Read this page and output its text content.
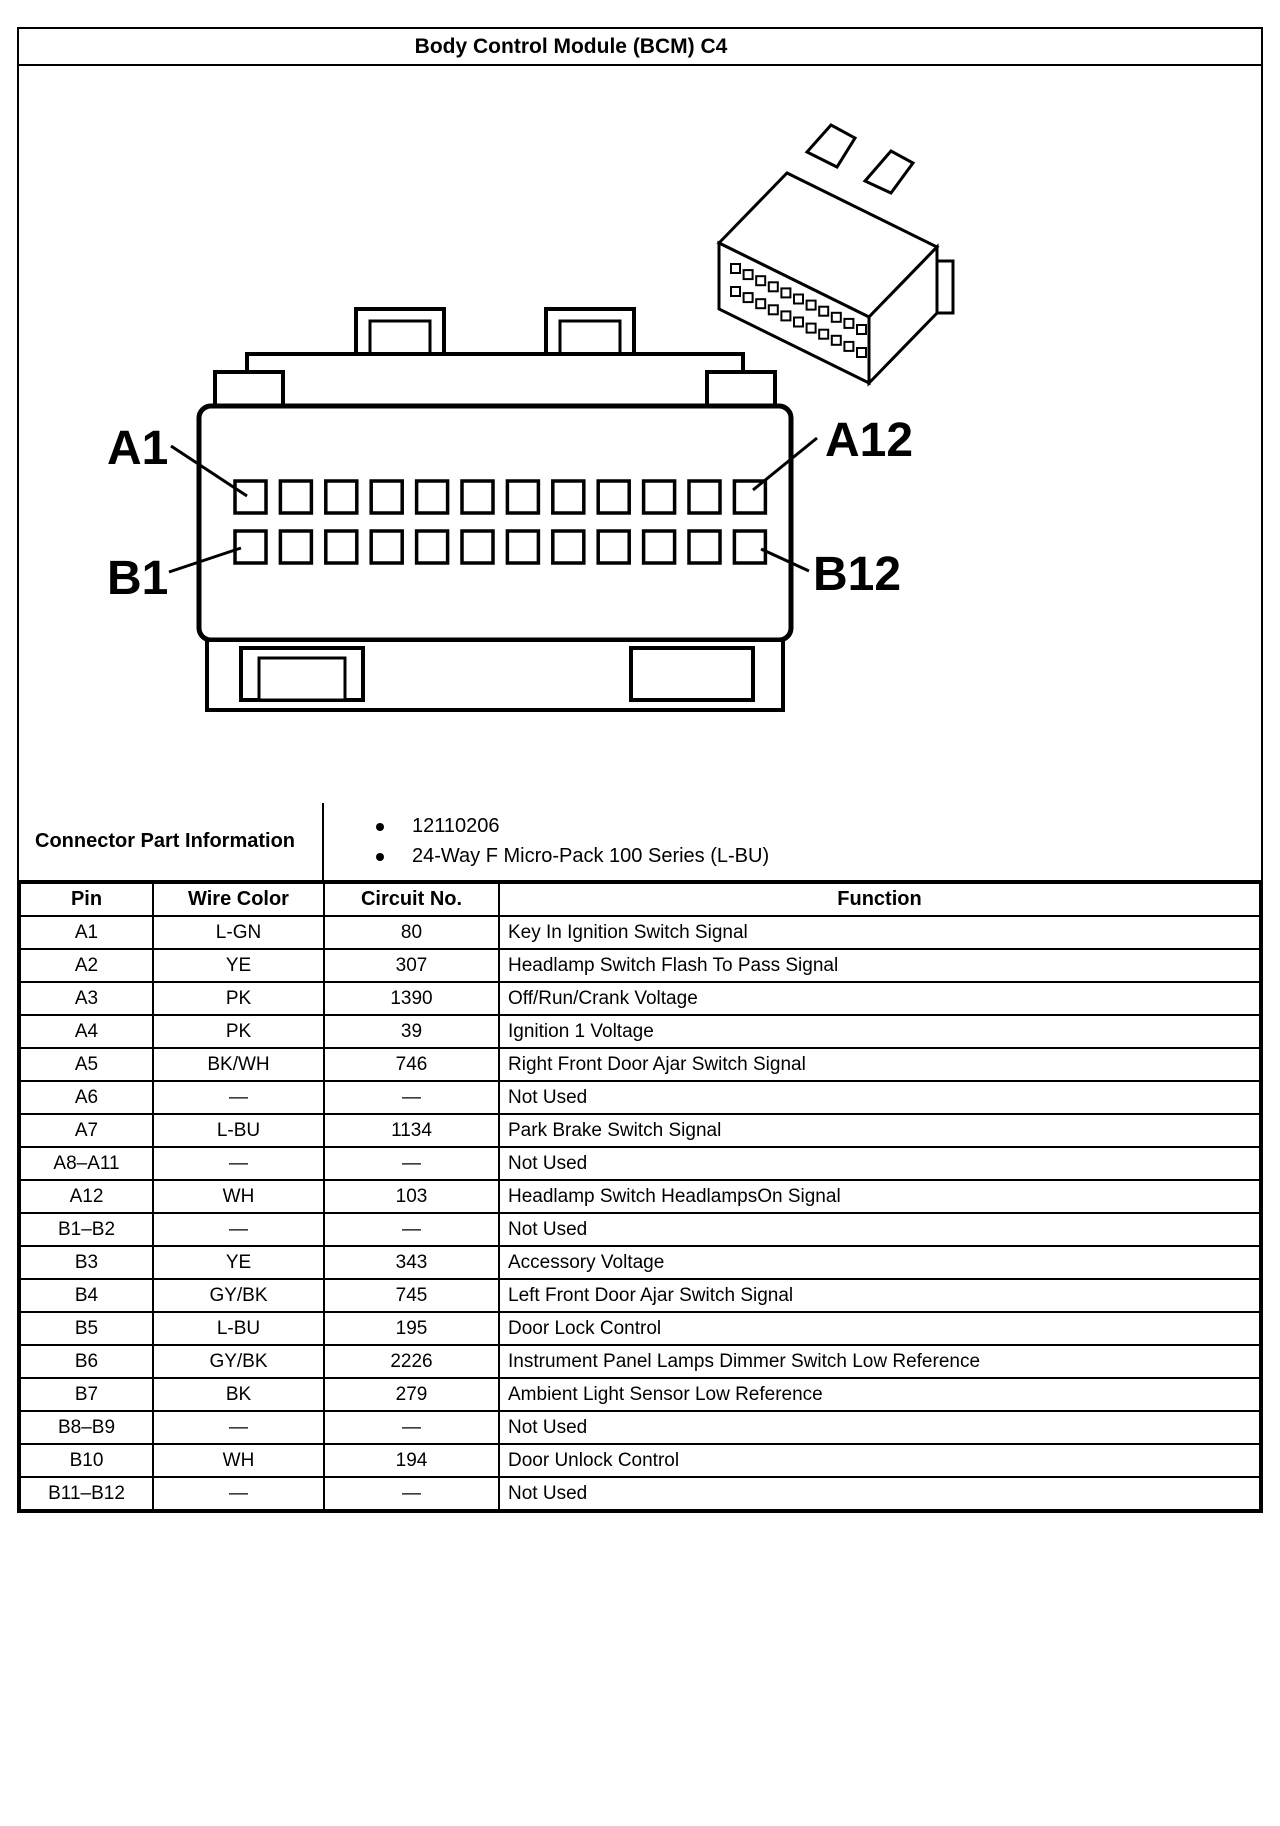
Body Control Module (BCM) C4
A1	A12
B1	B12
Connector Part Information
12110206
24-Way F Micro-Pack 100 Series (L-BU)
Pin	Wire Color	Circuit No.	Function
A1	L-GN	80	Key In Ignition Switch Signal
A2	YE	307	Headlamp Switch Flash To Pass Signal
A3	PK	1390	Off/Run/Crank Voltage
A4	PK	39	Ignition 1 Voltage
A5	BK/WH	746	Right Front Door Ajar Switch Signal
A6	—	—	Not Used
A7	L-BU	1134	Park Brake Switch Signal
A8–A11	—	—	Not Used
A12	WH	103	Headlamp Switch HeadlampsOn Signal
B1–B2	—	—	Not Used
B3	YE	343	Accessory Voltage
B4	GY/BK	745	Left Front Door Ajar Switch Signal
B5	L-BU	195	Door Lock Control
B6	GY/BK	2226	Instrument Panel Lamps Dimmer Switch Low Reference
B7	BK	279	Ambient Light Sensor Low Reference
B8–B9	—	—	Not Used
B10	WH	194	Door Unlock Control
B11–B12	—	—	Not Used
